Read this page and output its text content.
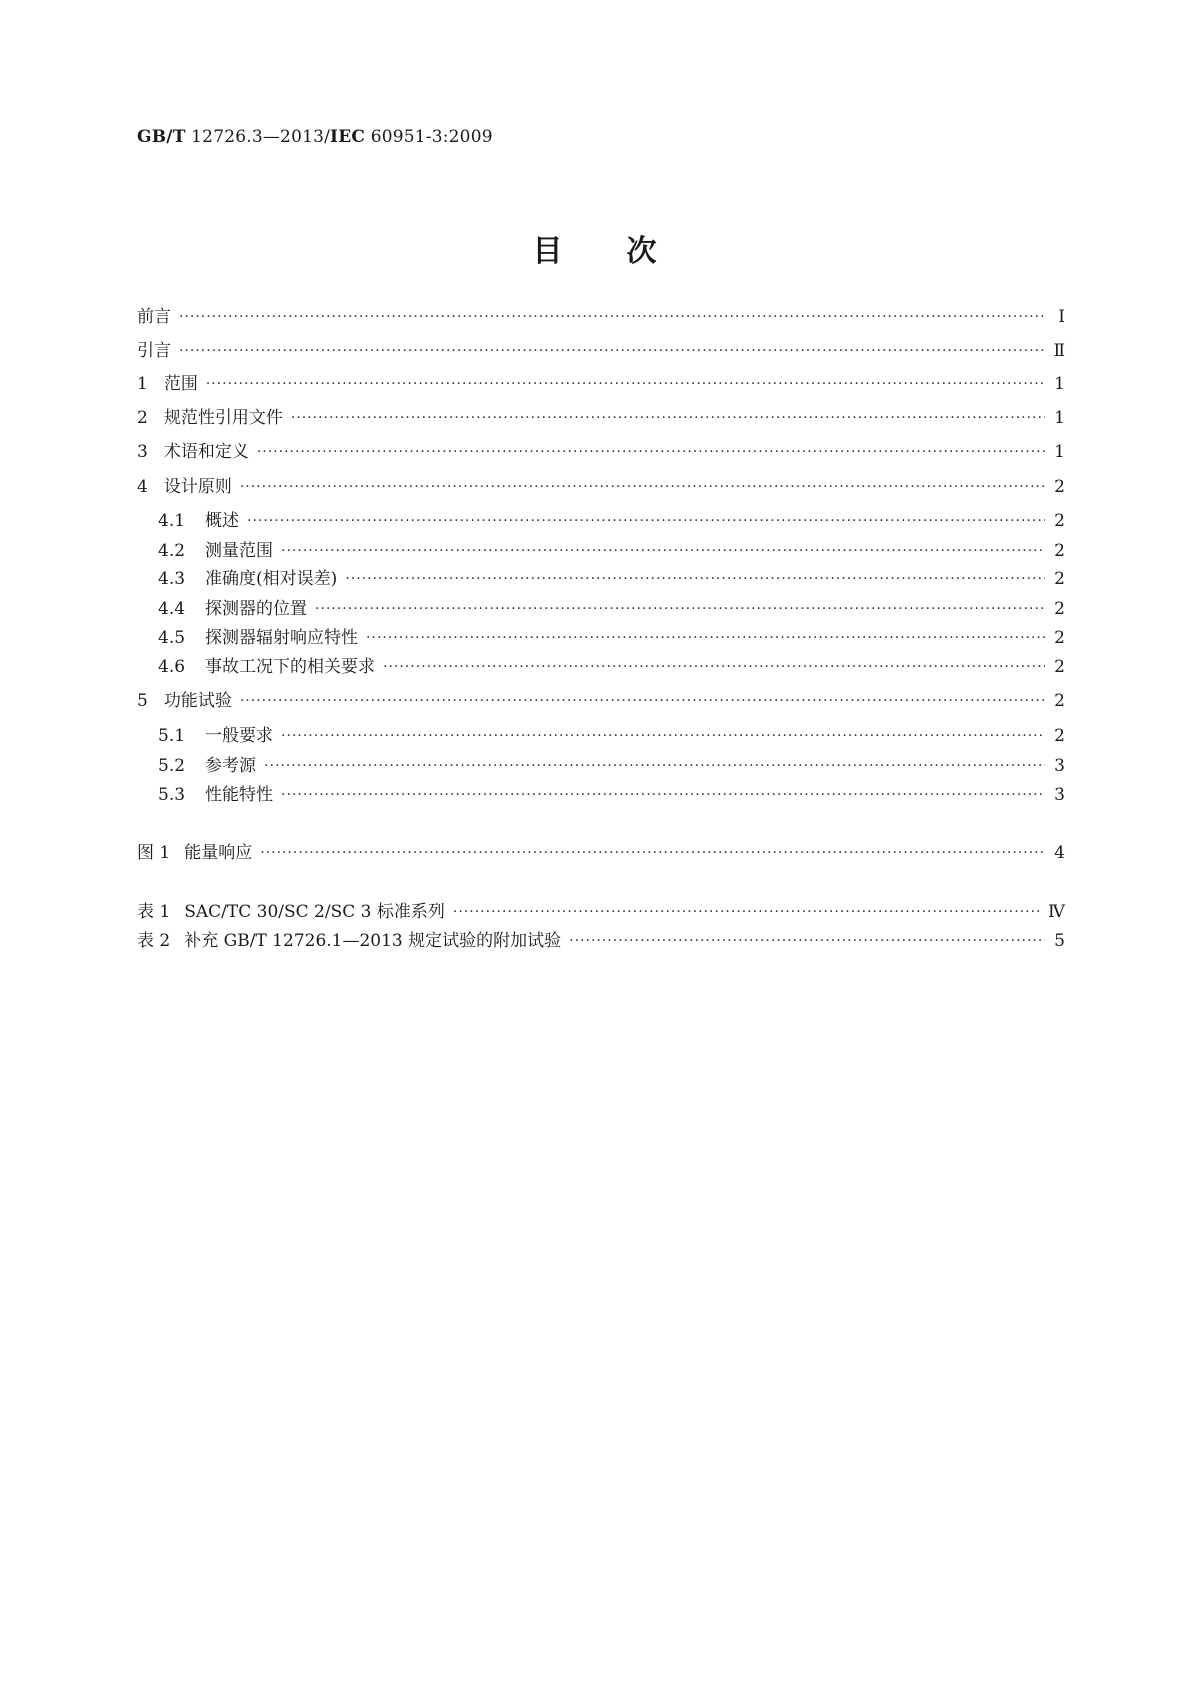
GB/T 12726.3—2013/IEC 60951-3:2009
目 次
前言 ·····	Ⅰ
引言 ·····	Ⅱ
1 范围 ·····	1
2 规范性引用文件 ·····	1
3 术语和定义 ·····	1
4 设计原则 ·····	2
4.1 概述 ·····	2
4.2 测量范围 ·····	2
4.3 准确度(相对误差) ·····	2
4.4 探测器的位置 ·····	2
4.5 探测器辐射响应特性 ·····	2
4.6 事故工况下的相关要求 ·····	2
5 功能试验 ·····	2
5.1 一般要求 ·····	2
5.2 参考源 ·····	3
5.3 性能特性 ·····	3
图 1 能量响应 ·····	4
表 1 SAC/TC 30/SC 2/SC 3 标准系列 ·····	Ⅳ
表 2 补充 GB/T 12726.1—2013 规定试验的附加试验 ·····	5
